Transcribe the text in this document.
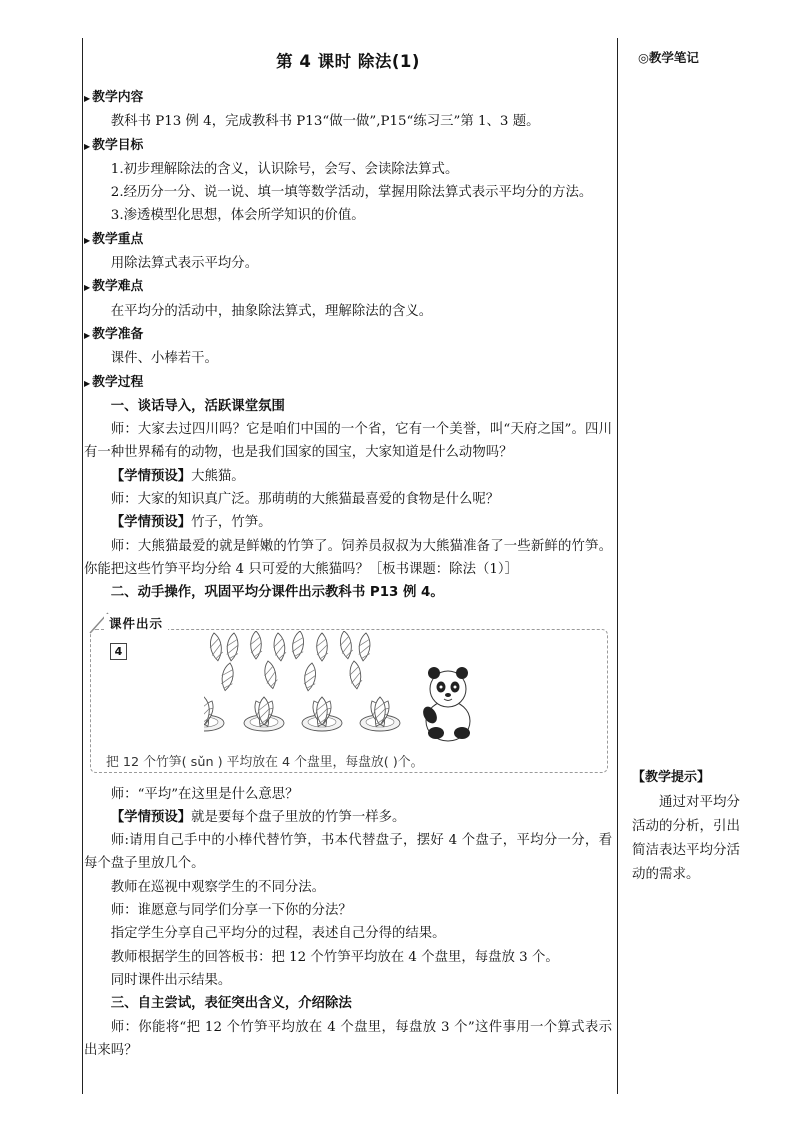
◎教学笔记
【教学提示】
通过对平均分活动的分析，引出简洁表达平均分活动的需求。
第 4 课时 除法(1)
▶ 教学内容
教科书 P13 例 4，完成教科书 P13“做一做”,P15“练习三”第 1、3 题。
▶ 教学目标
1.初步理解除法的含义，认识除号，会写、会读除法算式。
2.经历分一分、说一说、填一填等数学活动，掌握用除法算式表示平均分的方法。
3.渗透模型化思想，体会所学知识的价值。
▶ 教学重点
用除法算式表示平均分。
▶ 教学难点
在平均分的活动中，抽象除法算式，理解除法的含义。
▶ 教学准备
课件、小棒若干。
▶ 教学过程
一、谈话导入，活跃课堂氛围
师：大家去过四川吗？它是咱们中国的一个省，它有一个美誉，叫“天府之国”。四川有一种世界稀有的动物，也是我们国家的国宝，大家知道是什么动物吗？
【学情预设】大熊猫。
师：大家的知识真广泛。那萌萌的大熊猫最喜爱的食物是什么呢？
【学情预设】竹子，竹笋。
师：大熊猫最爱的就是鲜嫩的竹笋了。饲养员叔叔为大熊猫准备了一些新鲜的竹笋。你能把这些竹笋平均分给 4 只可爱的大熊猫吗？［板书课题：除法（1）］
二、动手操作，巩固平均分课件出示教科书 P13 例 4。
课件出示
4
把 12 个竹笋( sǔn ) 平均放在 4 个盘里，每盘放( )个。
师：“平均”在这里是什么意思？
【学情预设】就是要每个盘子里放的竹笋一样多。
师:请用自己手中的小棒代替竹笋，书本代替盘子，摆好 4 个盘子，平均分一分，看每个盘子里放几个。
教师在巡视中观察学生的不同分法。
师：谁愿意与同学们分享一下你的分法？
指定学生分享自己平均分的过程，表述自己分得的结果。
教师根据学生的回答板书：把 12 个竹笋平均放在 4 个盘里，每盘放 3 个。
同时课件出示结果。
三、自主尝试，表征突出含义，介绍除法
师：你能将“把 12 个竹笋平均放在 4 个盘里，每盘放 3 个”这件事用一个算式表示出来吗？
